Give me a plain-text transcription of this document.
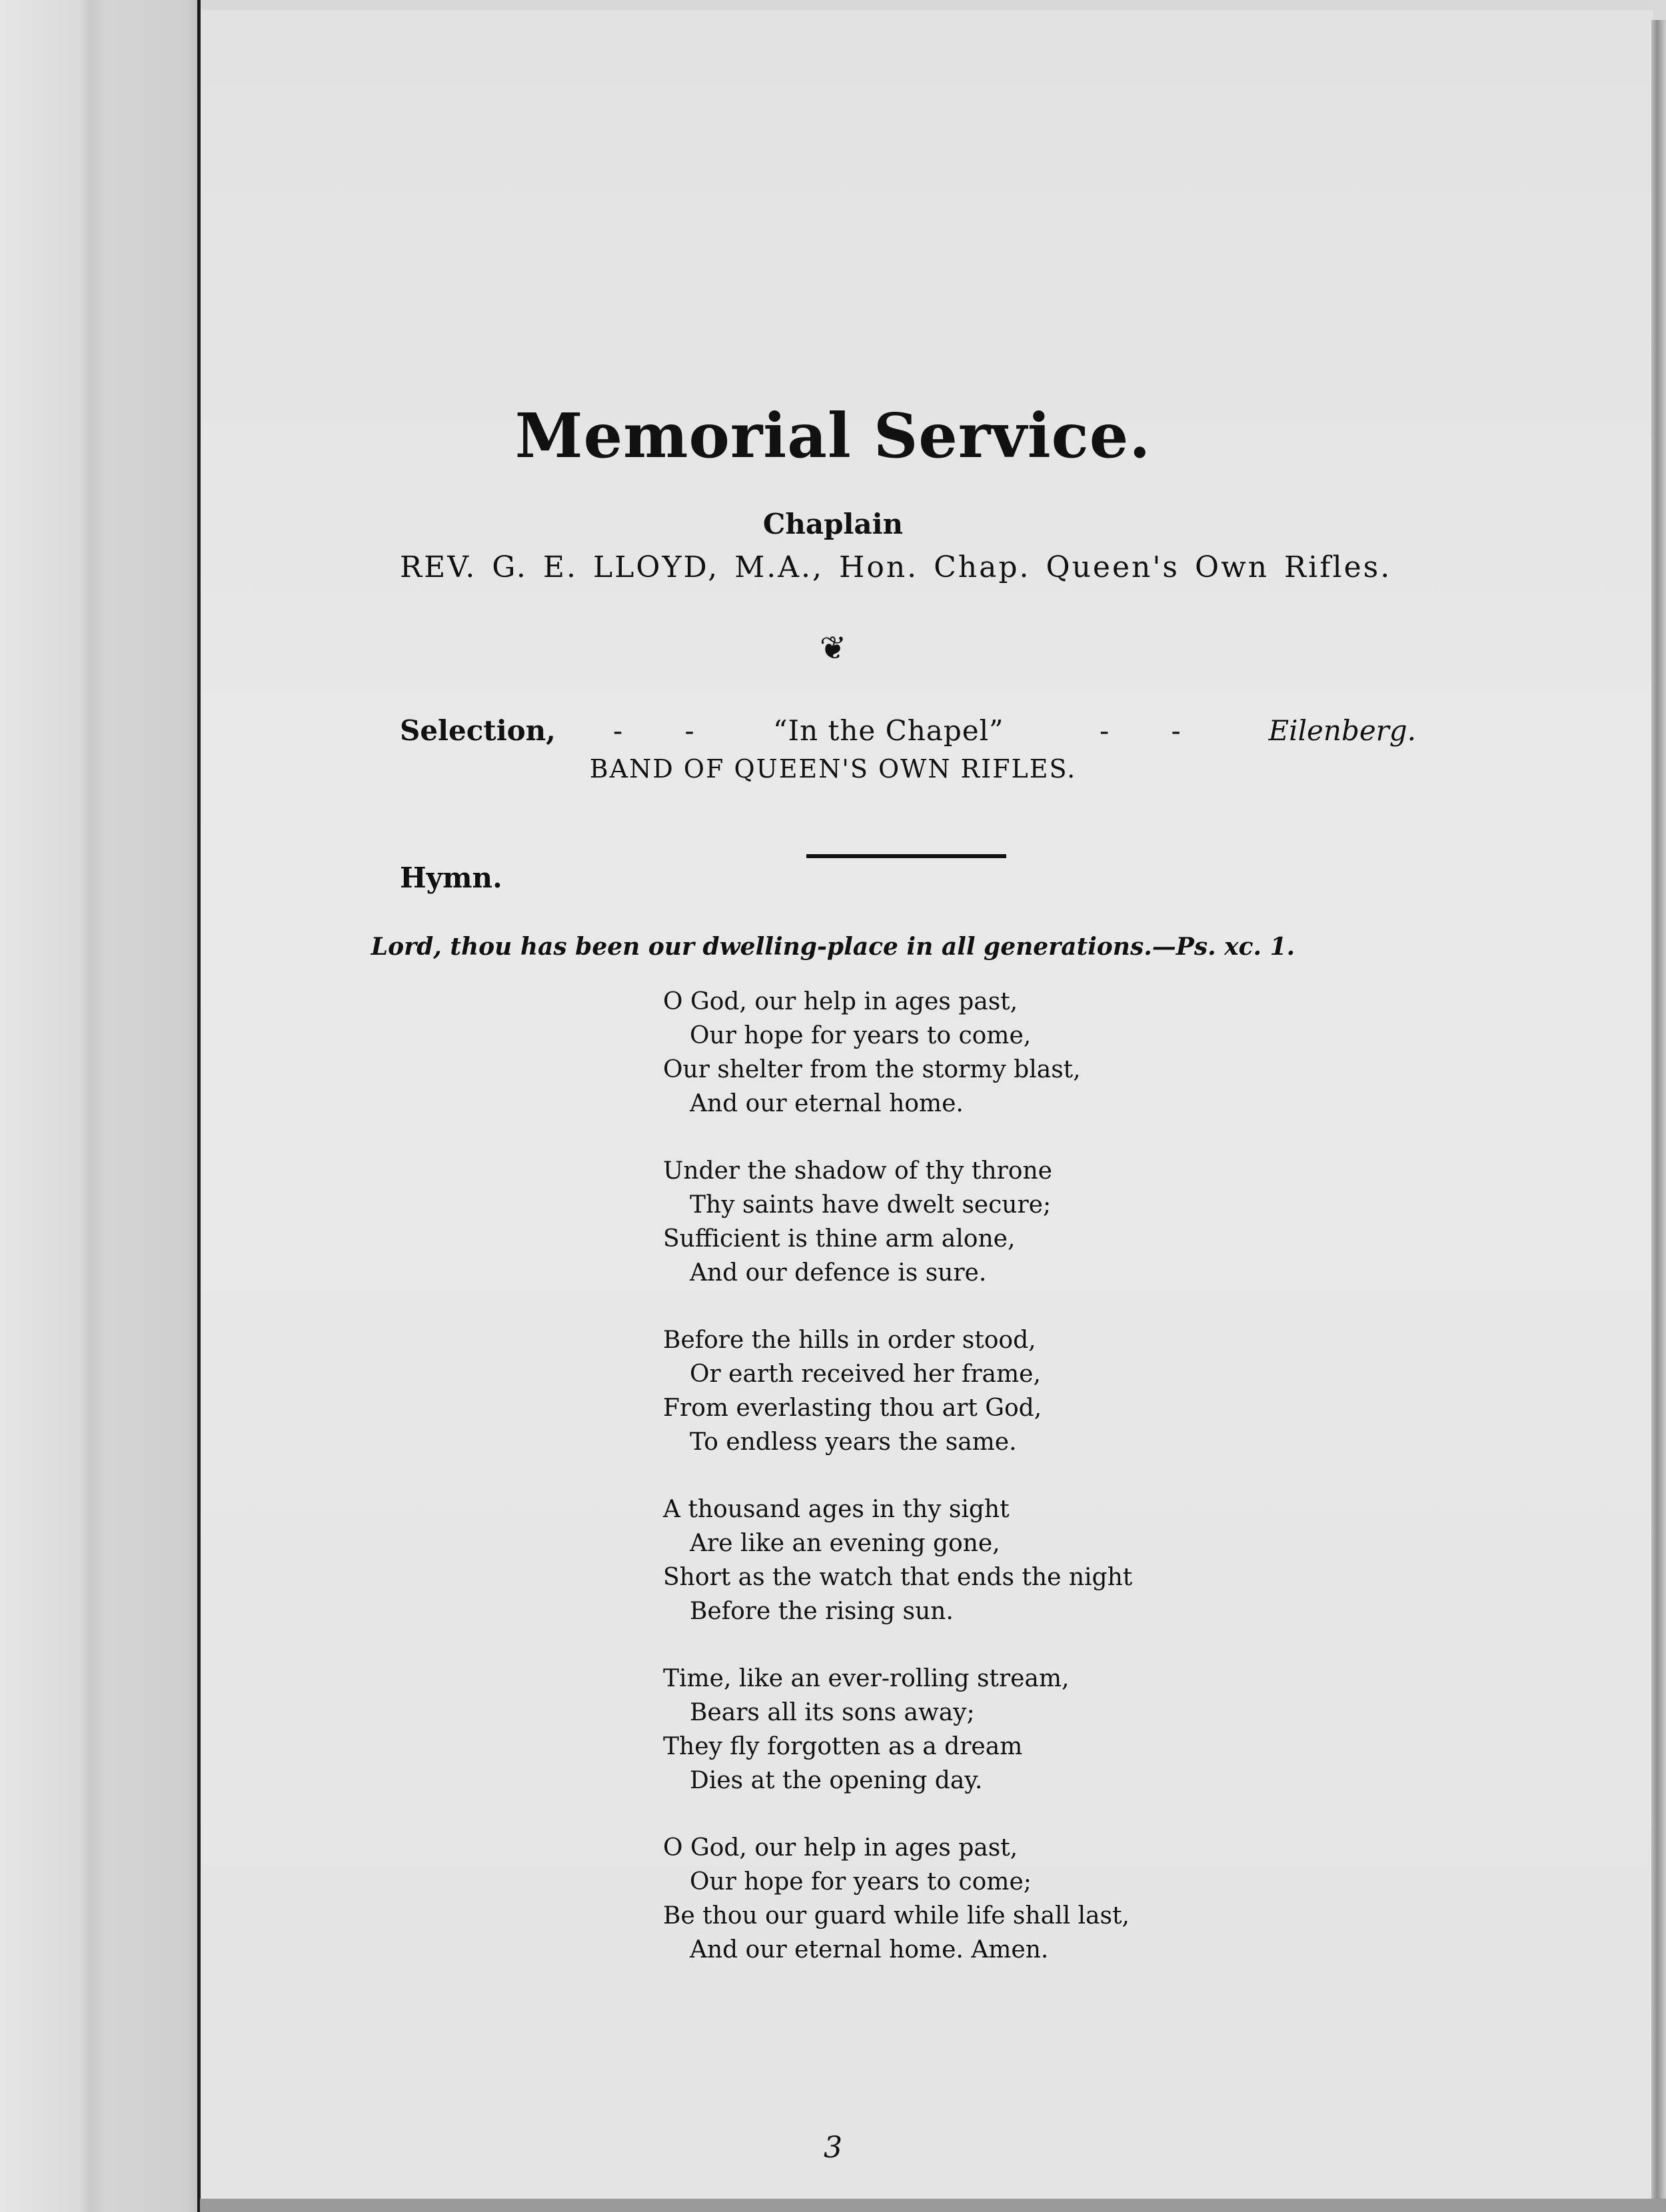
Memorial Service.
Chaplain
REV. G. E. LLOYD, M.A., Hon. Chap. Queen's Own Rifles.
❦
Selection, - - “In the Chapel”	- - Eilenberg.
BAND OF QUEEN'S OWN RIFLES.
Hymn.
Lord, thou has been our dwelling-place in all generations.—Ps. xc. 1.
O God, our help in ages past,
Our hope for years to come,
Our shelter from the stormy blast,
And our eternal home.
Under the shadow of thy throne
Thy saints have dwelt secure;
Sufficient is thine arm alone,
And our defence is sure.
Before the hills in order stood,
Or earth received her frame,
From everlasting thou art God,
To endless years the same.
A thousand ages in thy sight
Are like an evening gone,
Short as the watch that ends the night
Before the rising sun.
Time, like an ever-rolling stream,
Bears all its sons away;
They fly forgotten as a dream
Dies at the opening day.
O God, our help in ages past,
Our hope for years to come;
Be thou our guard while life shall last,
And our eternal home. Amen.
3
